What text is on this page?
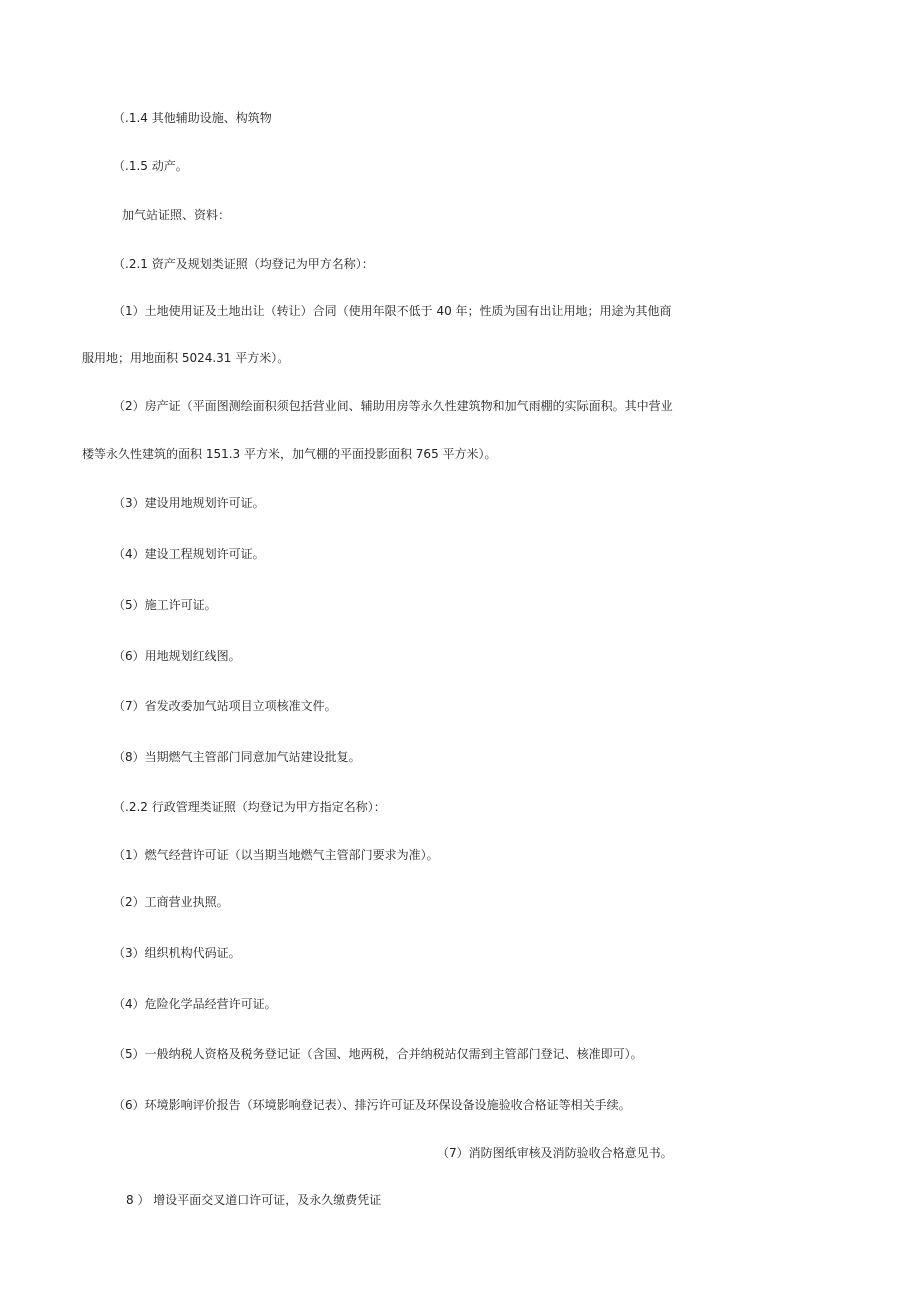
（.1.4 其他辅助设施、构筑物
（.1.5 动产。
加气站证照、资料：
（.2.1 资产及规划类证照（均登记为甲方名称）：
（1）土地使用证及土地出让（转让）合同（使用年限不低于 40 年；性质为国有出让用地；用途为其他商
服用地；用地面积 5024.31 平方米）。
（2）房产证（平面图测绘面积须包括营业间、辅助用房等永久性建筑物和加气雨棚的实际面积。其中营业
楼等永久性建筑的面积 151.3 平方米，加气棚的平面投影面积 765 平方米）。
（3）建设用地规划许可证。
（4）建设工程规划许可证。
（5）施工许可证。
（6）用地规划红线图。
（7）省发改委加气站项目立项核准文件。
（8）当期燃气主管部门同意加气站建设批复。
（.2.2 行政管理类证照（均登记为甲方指定名称）：
（1）燃气经营许可证（以当期当地燃气主管部门要求为准）。
（2）工商营业执照。
（3）组织机构代码证。
（4）危险化学品经营许可证。
（5）一般纳税人资格及税务登记证（含国、地两税，合并纳税站仅需到主管部门登记、核准即可）。
（6）环境影响评价报告（环境影响登记表）、排污许可证及环保设备设施验收合格证等相关手续。
（7）消防图纸审核及消防验收合格意见书。
8 ） 增设平面交叉道口许可证，及永久缴费凭证
